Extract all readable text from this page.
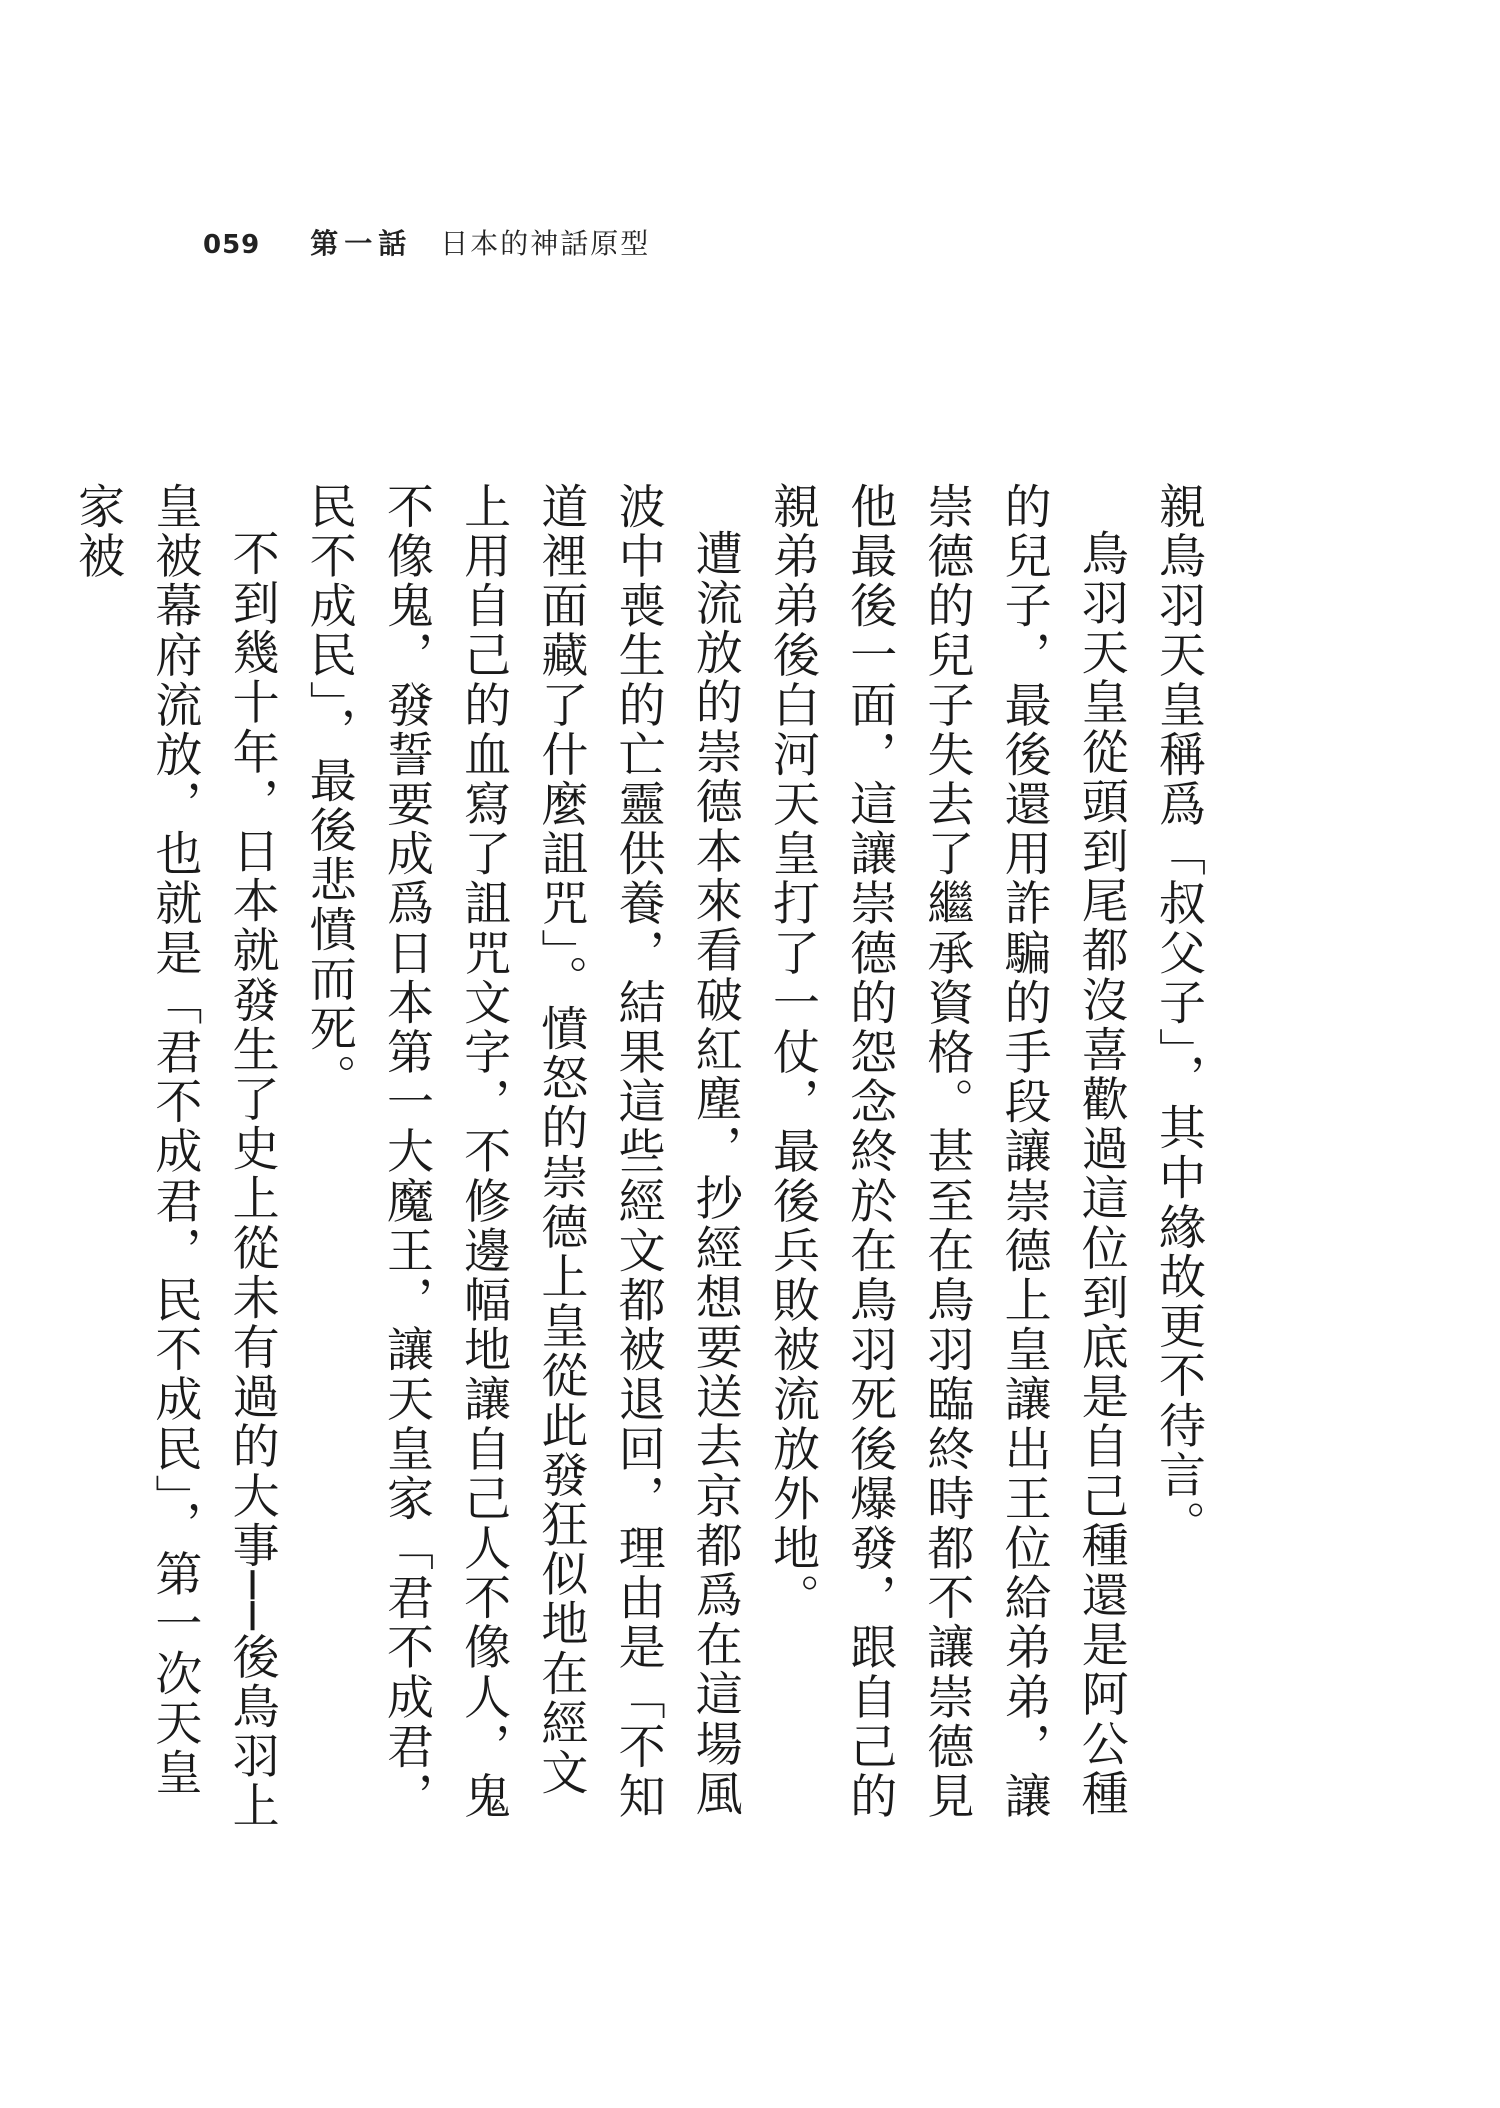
059 第一話 日本的神話原型

親鳥羽天皇稱爲「叔父子」，其中緣故更不待言。

鳥羽天皇從頭到尾都沒喜歡過這位到底是自己種還是阿公種的兒子，最後還用詐騙的手段讓崇德上皇讓出王位給弟弟，讓崇德的兒子失去了繼承資格。甚至在鳥羽臨終時都不讓崇德見他最後一面，這讓崇德的怨念終於在鳥羽死後爆發，跟自己的親弟弟後白河天皇打了一仗，最後兵敗被流放外地。

遭流放的崇德本來看破紅塵，抄經想要送去京都爲在這場風波中喪生的亡靈供養，結果這些經文都被退回，理由是「不知道裡面藏了什麼詛咒」。憤怒的崇德上皇從此發狂似地在經文上用自己的血寫了詛咒文字，不修邊幅地讓自己人不像人，鬼不像鬼，發誓要成爲日本第一大魔王，讓天皇家「君不成君，民不成民」，最後悲憤而死。

不到幾十年，日本就發生了史上從未有過的大事──後鳥羽上皇被幕府流放，也就是「君不成君，民不成民」，第一次天皇家被
